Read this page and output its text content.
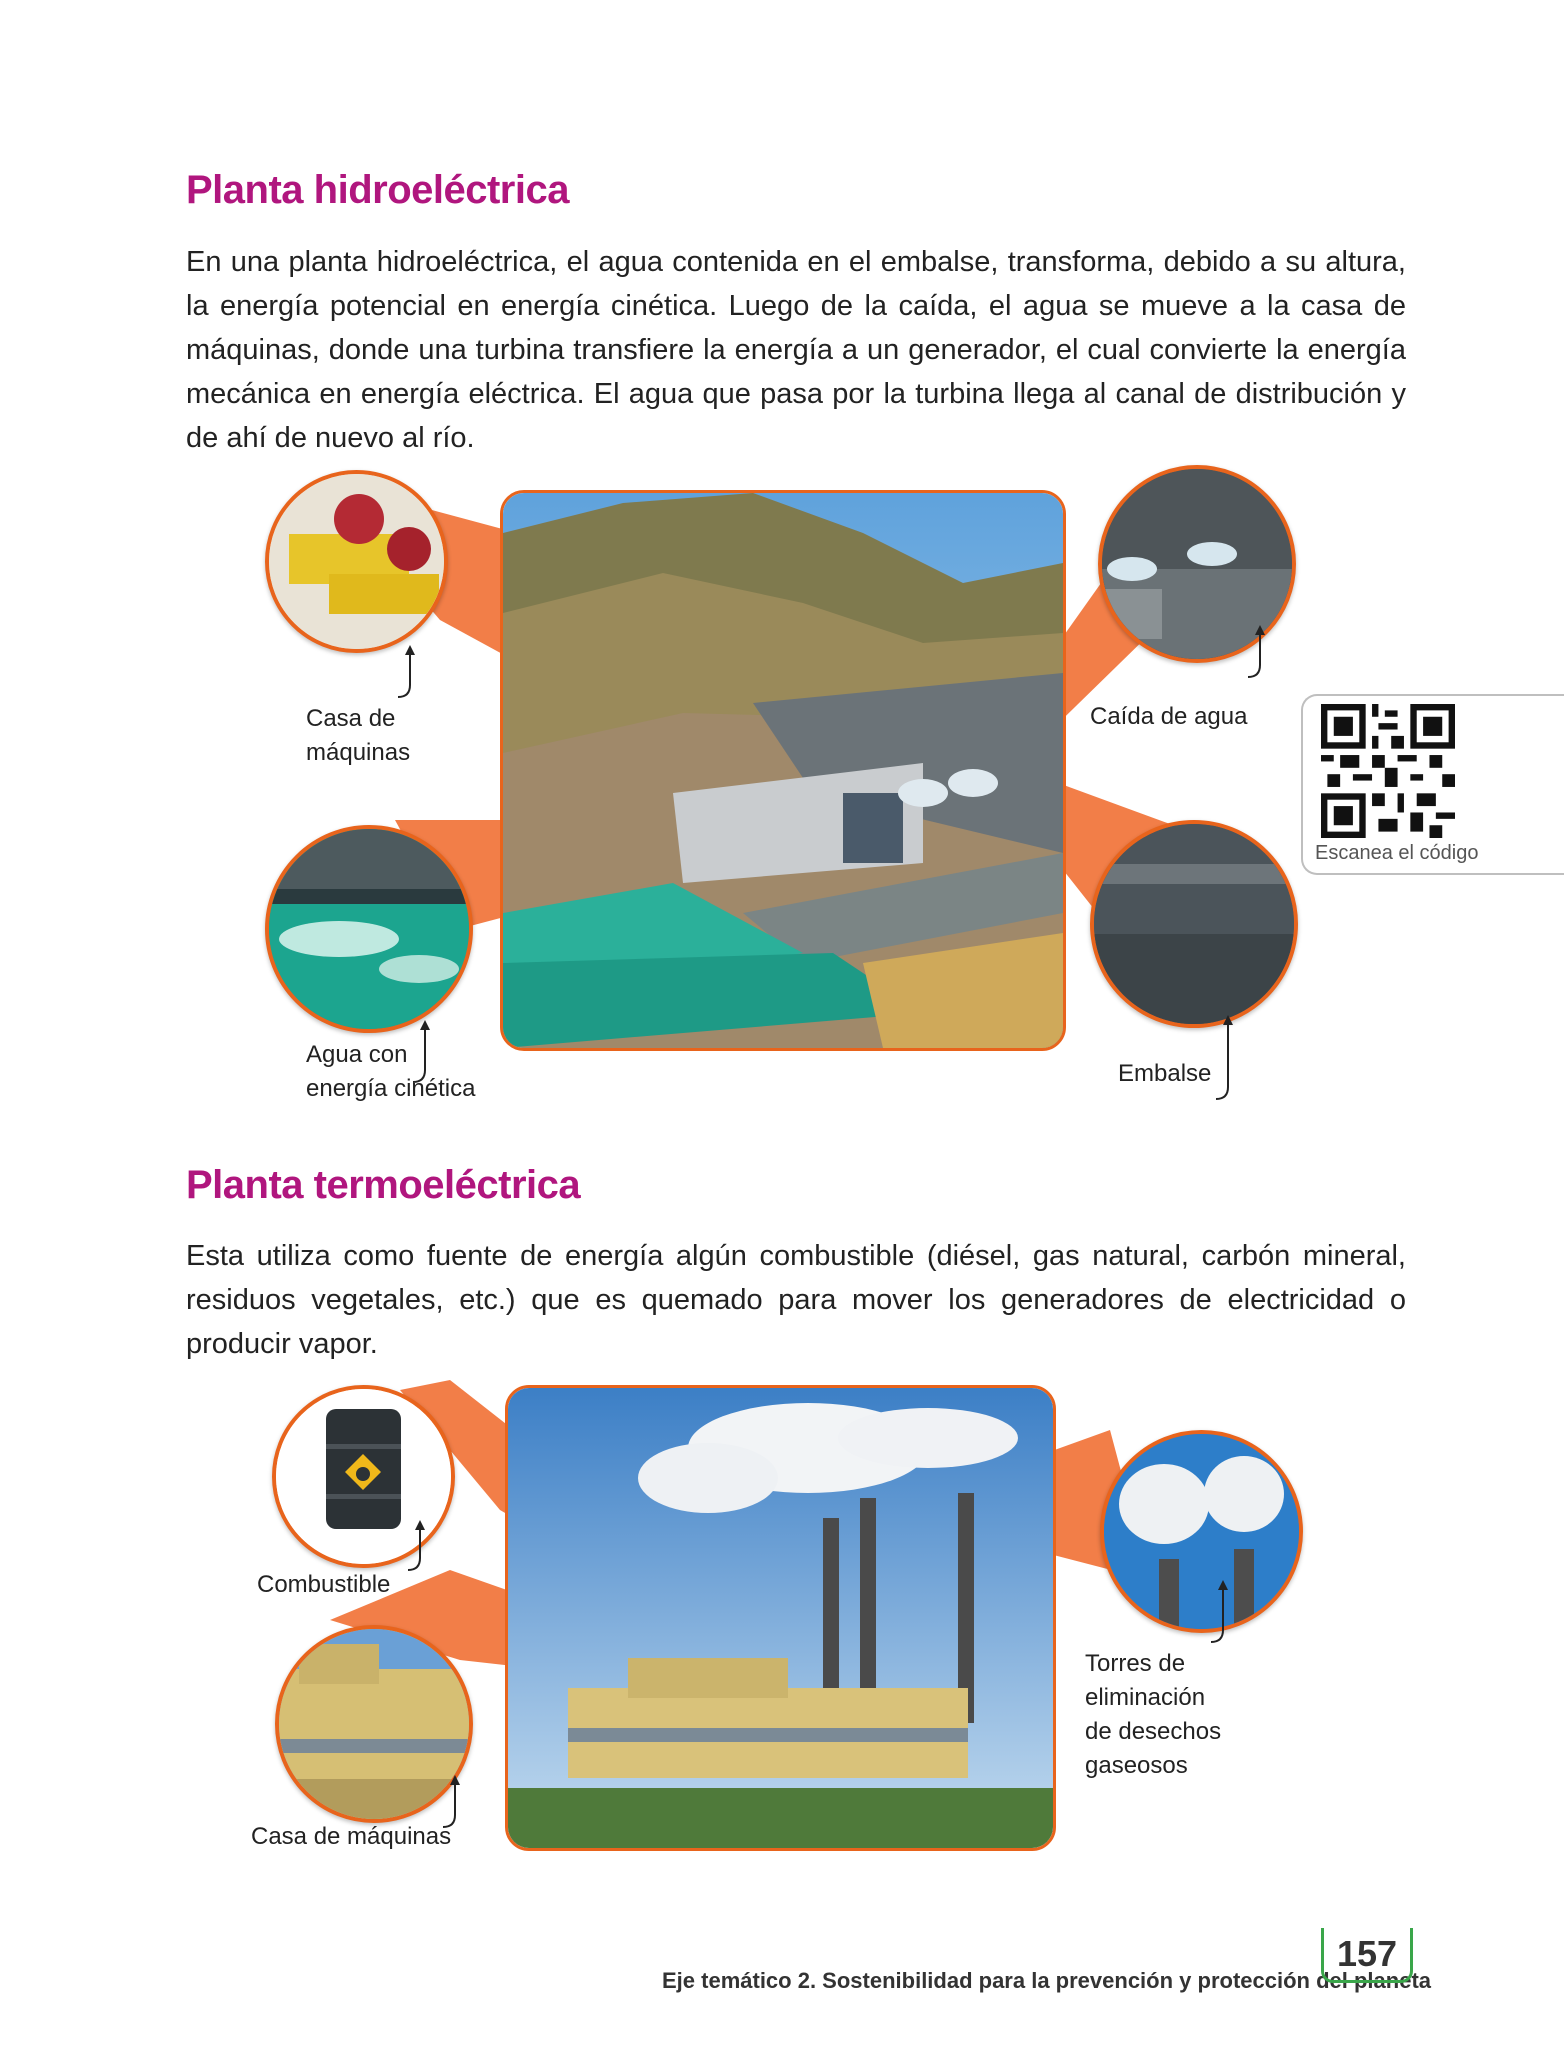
Planta hidroeléctrica

En una planta hidroeléctrica, el agua contenida en el embalse, transforma, debido a su altura, la energía potencial en energía cinética. Luego de la caída, el agua se mueve a la casa de máquinas, donde una turbina transfiere la energía a un generador, el cual convierte la energía mecánica en energía eléctrica. El agua que pasa por la turbina llega al canal de distribución y de ahí de nuevo al río.

Casa de
máquinas
Caída de agua
Agua con
energía cinética
Embalse
Escanea el código
Planta termoeléctrica

Esta utiliza como fuente de energía algún combustible (diésel, gas natural, carbón mineral, residuos vegetales, etc.) que es quemado para mover los generadores de electricidad o producir vapor.

Combustible
Torres de
eliminación
de desechos
gaseosos
Casa de máquinas
Eje temático 2. Sostenibilidad para la prevención y protección del planeta
157
